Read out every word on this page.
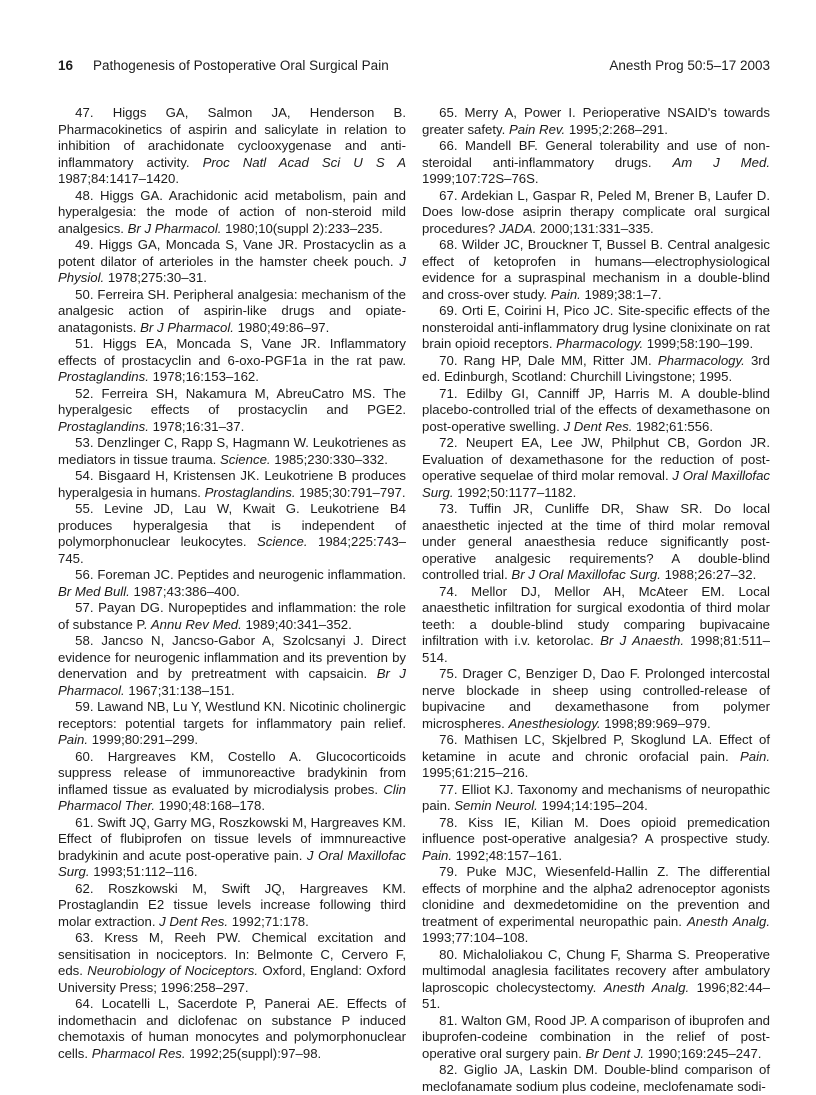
16 Pathogenesis of Postoperative Oral Surgical Pain	Anesth Prog 50:5–17 2003

47. Higgs GA, Salmon JA, Henderson B. Pharmacokinetics of aspirin and salicylate in relation to inhibition of arachidonate cyclooxygenase and anti-inflammatory activity. Proc Natl Acad Sci U S A 1987;84:1417–1420.

48. Higgs GA. Arachidonic acid metabolism, pain and hyperalgesia: the mode of action of non-steroid mild analgesics. Br J Pharmacol. 1980;10(suppl 2):233–235.

49. Higgs GA, Moncada S, Vane JR. Prostacyclin as a potent dilator of arterioles in the hamster cheek pouch. J Physiol. 1978;275:30–31.

50. Ferreira SH. Peripheral analgesia: mechanism of the analgesic action of aspirin-like drugs and opiate-anatagonists. Br J Pharmacol. 1980;49:86–97.

51. Higgs EA, Moncada S, Vane JR. Inflammatory effects of prostacyclin and 6-oxo-PGF1a in the rat paw. Prostaglandins. 1978;16:153–162.

52. Ferreira SH, Nakamura M, AbreuCatro MS. The hyperalgesic effects of prostacyclin and PGE2. Prostaglandins. 1978;16:31–37.

53. Denzlinger C, Rapp S, Hagmann W. Leukotrienes as mediators in tissue trauma. Science. 1985;230:330–332.

54. Bisgaard H, Kristensen JK. Leukotriene B produces hyperalgesia in humans. Prostaglandins. 1985;30:791–797.

55. Levine JD, Lau W, Kwait G. Leukotriene B4 produces hyperalgesia that is independent of polymorphonuclear leukocytes. Science. 1984;225:743–745.

56. Foreman JC. Peptides and neurogenic inflammation. Br Med Bull. 1987;43:386–400.

57. Payan DG. Nuropeptides and inflammation: the role of substance P. Annu Rev Med. 1989;40:341–352.

58. Jancso N, Jancso-Gabor A, Szolcsanyi J. Direct evidence for neurogenic inflammation and its prevention by denervation and by pretreatment with capsaicin. Br J Pharmacol. 1967;31:138–151.

59. Lawand NB, Lu Y, Westlund KN. Nicotinic cholinergic receptors: potential targets for inflammatory pain relief. Pain. 1999;80:291–299.

60. Hargreaves KM, Costello A. Glucocorticoids suppress release of immunoreactive bradykinin from inflamed tissue as evaluated by microdialysis probes. Clin Pharmacol Ther. 1990;48:168–178.

61. Swift JQ, Garry MG, Roszkowski M, Hargreaves KM. Effect of flubiprofen on tissue levels of immnureactive bradykinin and acute post-operative pain. J Oral Maxillofac Surg. 1993;51:112–116.

62. Roszkowski M, Swift JQ, Hargreaves KM. Prostaglandin E2 tissue levels increase following third molar extraction. J Dent Res. 1992;71:178.

63. Kress M, Reeh PW. Chemical excitation and sensitisation in nociceptors. In: Belmonte C, Cervero F, eds. Neurobiology of Nociceptors. Oxford, England: Oxford University Press; 1996:258–297.

64. Locatelli L, Sacerdote P, Panerai AE. Effects of indomethacin and diclofenac on substance P induced chemotaxis of human monocytes and polymorphonuclear cells. Pharmacol Res. 1992;25(suppl):97–98.

65. Merry A, Power I. Perioperative NSAID's towards greater safety. Pain Rev. 1995;2:268–291.

66. Mandell BF. General tolerability and use of non-steroidal anti-inflammatory drugs. Am J Med. 1999;107:72S–76S.

67. Ardekian L, Gaspar R, Peled M, Brener B, Laufer D. Does low-dose asiprin therapy complicate oral surgical procedures? JADA. 2000;131:331–335.

68. Wilder JC, Brouckner T, Bussel B. Central analgesic effect of ketoprofen in humans—electrophysiological evidence for a supraspinal mechanism in a double-blind and cross-over study. Pain. 1989;38:1–7.

69. Orti E, Coirini H, Pico JC. Site-specific effects of the nonsteroidal anti-inflammatory drug lysine clonixinate on rat brain opioid receptors. Pharmacology. 1999;58:190–199.

70. Rang HP, Dale MM, Ritter JM. Pharmacology. 3rd ed. Edinburgh, Scotland: Churchill Livingstone; 1995.

71. Edilby GI, Canniff JP, Harris M. A double-blind placebo-controlled trial of the effects of dexamethasone on post-operative swelling. J Dent Res. 1982;61:556.

72. Neupert EA, Lee JW, Philphut CB, Gordon JR. Evaluation of dexamethasone for the reduction of post-operative sequelae of third molar removal. J Oral Maxillofac Surg. 1992;50:1177–1182.

73. Tuffin JR, Cunliffe DR, Shaw SR. Do local anaesthetic injected at the time of third molar removal under general anaesthesia reduce significantly post-operative analgesic requirements? A double-blind controlled trial. Br J Oral Maxillofac Surg. 1988;26:27–32.

74. Mellor DJ, Mellor AH, McAteer EM. Local anaesthetic infiltration for surgical exodontia of third molar teeth: a double-blind study comparing bupivacaine infiltration with i.v. ketorolac. Br J Anaesth. 1998;81:511–514.

75. Drager C, Benziger D, Dao F. Prolonged intercostal nerve blockade in sheep using controlled-release of bupivacine and dexamethasone from polymer microspheres. Anesthesiology. 1998;89:969–979.

76. Mathisen LC, Skjelbred P, Skoglund LA. Effect of ketamine in acute and chronic orofacial pain. Pain. 1995;61:215–216.

77. Elliot KJ. Taxonomy and mechanisms of neuropathic pain. Semin Neurol. 1994;14:195–204.

78. Kiss IE, Kilian M. Does opioid premedication influence post-operative analgesia? A prospective study. Pain. 1992;48:157–161.

79. Puke MJC, Wiesenfeld-Hallin Z. The differential effects of morphine and the alpha2 adrenoceptor agonists clonidine and dexmedetomidine on the prevention and treatment of experimental neuropathic pain. Anesth Analg. 1993;77:104–108.

80. Michaloliakou C, Chung F, Sharma S. Preoperative multimodal anaglesia facilitates recovery after ambulatory laproscopic cholecystectomy. Anesth Analg. 1996;82:44–51.

81. Walton GM, Rood JP. A comparison of ibuprofen and ibuprofen-codeine combination in the relief of post-operative oral surgery pain. Br Dent J. 1990;169:245–247.

82. Giglio JA, Laskin DM. Double-blind comparison of meclofanamate sodium plus codeine, meclofenamate sodi-
